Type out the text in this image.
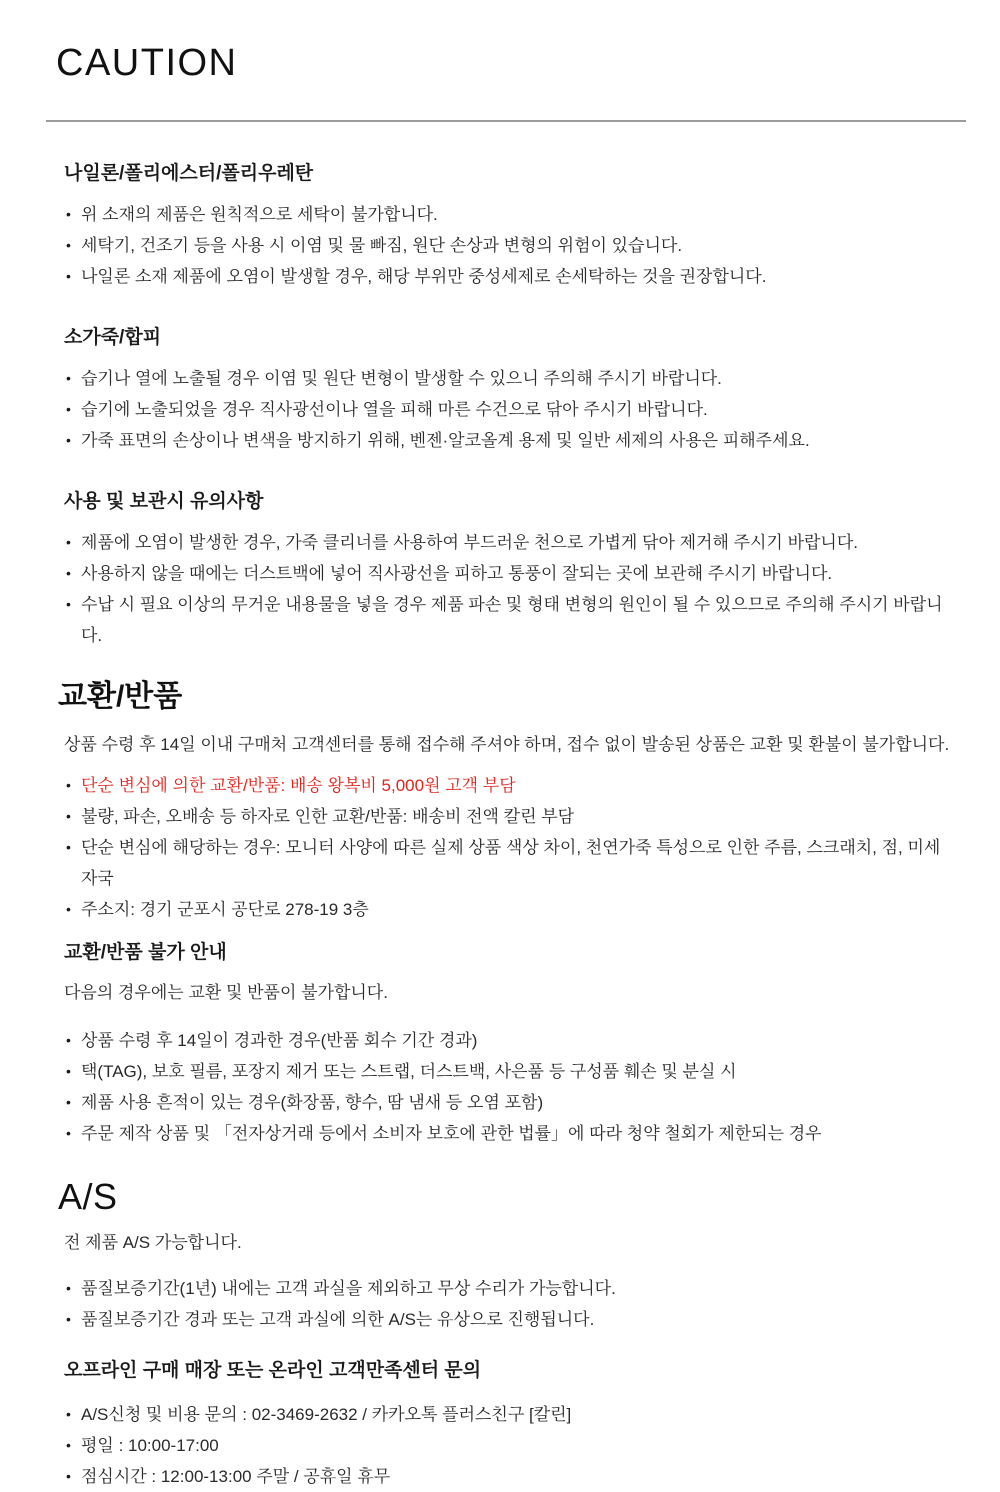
CAUTION
나일론/폴리에스터/폴리우레탄
• 위 소재의 제품은 원칙적으로 세탁이 불가합니다.
• 세탁기, 건조기 등을 사용 시 이염 및 물 빠짐, 원단 손상과 변형의 위험이 있습니다.
• 나일론 소재 제품에 오염이 발생할 경우, 해당 부위만 중성세제로 손세탁하는 것을 권장합니다.
소가죽/합피
• 습기나 열에 노출될 경우 이염 및 원단 변형이 발생할 수 있으니 주의해 주시기 바랍니다.
• 습기에 노출되었을 경우 직사광선이나 열을 피해 마른 수건으로 닦아 주시기 바랍니다.
• 가죽 표면의 손상이나 변색을 방지하기 위해, 벤젠·알코올계 용제 및 일반 세제의 사용은 피해주세요.
사용 및 보관시 유의사항
• 제품에 오염이 발생한 경우, 가죽 클리너를 사용하여 부드러운 천으로 가볍게 닦아 제거해 주시기 바랍니다.
• 사용하지 않을 때에는 더스트백에 넣어 직사광선을 피하고 통풍이 잘되는 곳에 보관해 주시기 바랍니다.
• 수납 시 필요 이상의 무거운 내용물을 넣을 경우 제품 파손 및 형태 변형의 원인이 될 수 있으므로 주의해 주시기 바랍니다.
교환/반품

상품 수령 후 14일 이내 구매처 고객센터를 통해 접수해 주셔야 하며, 접수 없이 발송된 상품은 교환 및 환불이 불가합니다.

• 단순 변심에 의한 교환/반품: 배송 왕복비 5,000원 고객 부담
• 불량, 파손, 오배송 등 하자로 인한 교환/반품: 배송비 전액 칼린 부담
• 단순 변심에 해당하는 경우: 모니터 사양에 따른 실제 상품 색상 차이, 천연가죽 특성으로 인한 주름, 스크래치, 점, 미세 자국
• 주소지: 경기 군포시 공단로 278-19 3층
교환/반품 불가 안내

다음의 경우에는 교환 및 반품이 불가합니다.

• 상품 수령 후 14일이 경과한 경우(반품 회수 기간 경과)
• 택(TAG), 보호 필름, 포장지 제거 또는 스트랩, 더스트백, 사은품 등 구성품 훼손 및 분실 시
• 제품 사용 흔적이 있는 경우(화장품, 향수, 땀 냄새 등 오염 포함)
• 주문 제작 상품 및 「전자상거래 등에서 소비자 보호에 관한 법률」에 따라 청약 철회가 제한되는 경우
A/S

전 제품 A/S 가능합니다.

• 품질보증기간(1년) 내에는 고객 과실을 제외하고 무상 수리가 가능합니다.
• 품질보증기간 경과 또는 고객 과실에 의한 A/S는 유상으로 진행됩니다.
오프라인 구매 매장 또는 온라인 고객만족센터 문의
• A/S신청 및 비용 문의 : 02-3469-2632 / 카카오톡 플러스친구 [칼린]
• 평일 : 10:00-17:00
• 점심시간 : 12:00-13:00 주말 / 공휴일 휴무
